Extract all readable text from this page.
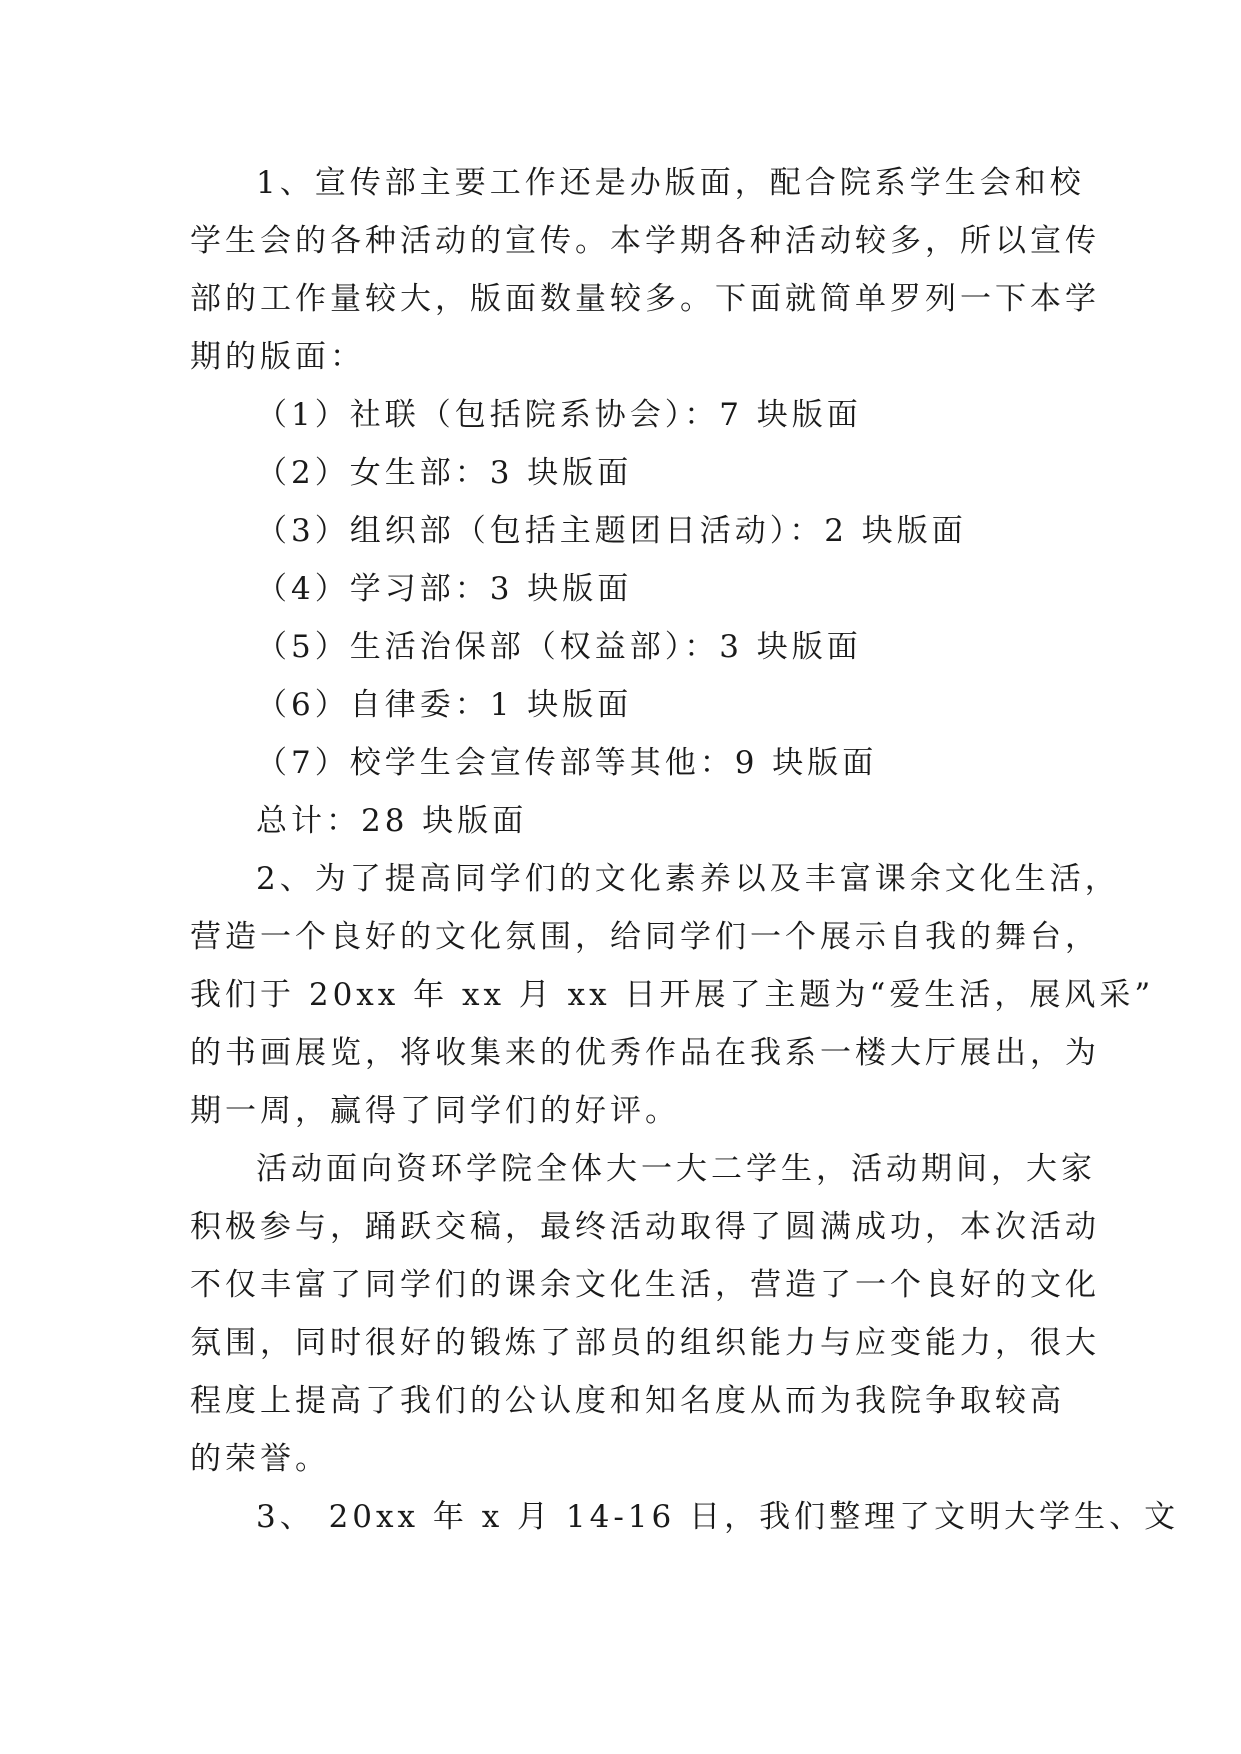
1、宣传部主要工作还是办版面，配合院系学生会和校
学生会的各种活动的宣传。本学期各种活动较多，所以宣传
部的工作量较大，版面数量较多。下面就简单罗列一下本学
期的版面：
（1）社联（包括院系协会）：7 块版面
（2）女生部：3 块版面
（3）组织部（包括主题团日活动）：2 块版面
（4）学习部：3 块版面
（5）生活治保部（权益部）：3 块版面
（6）自律委：1 块版面
（7）校学生会宣传部等其他：9 块版面
总计：28 块版面
2、为了提高同学们的文化素养以及丰富课余文化生活，
营造一个良好的文化氛围，给同学们一个展示自我的舞台，
我们于 20xx 年 xx 月 xx 日开展了主题为“爱生活，展风采”
的书画展览，将收集来的优秀作品在我系一楼大厅展出，为
期一周，赢得了同学们的好评。
活动面向资环学院全体大一大二学生，活动期间，大家
积极参与，踊跃交稿，最终活动取得了圆满成功，本次活动
不仅丰富了同学们的课余文化生活，营造了一个良好的文化
氛围，同时很好的锻炼了部员的组织能力与应变能力，很大
程度上提高了我们的公认度和知名度从而为我院争取较高
的荣誉。
3、 20xx 年 x 月 14-16 日，我们整理了文明大学生、文
